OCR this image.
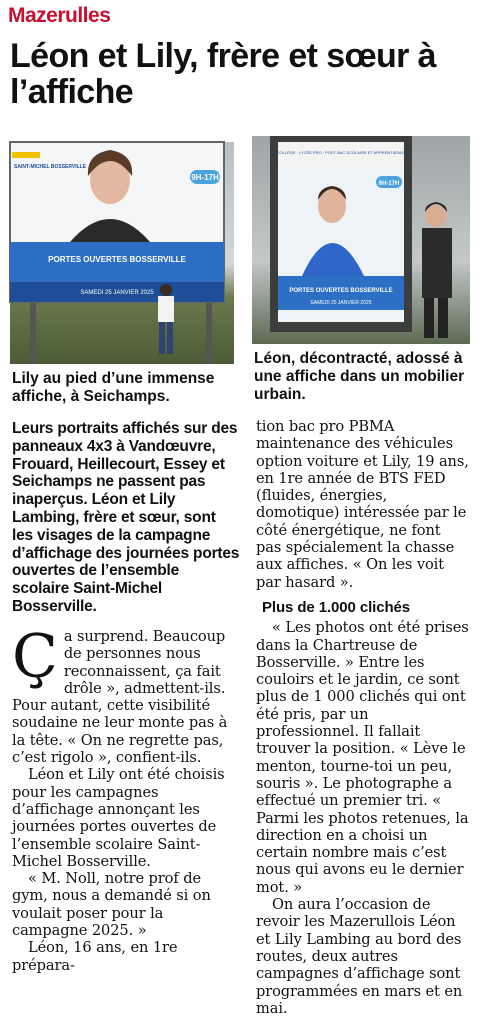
Mazerulles
Léon et Lily, frère et sœur à l’affiche
9H-17H
SAINT-MICHEL BOSSERVILLE
PORTES OUVERTES BOSSERVILLE
SAMEDI 25 JANVIER 2025
COLLÈGE · LYCÉE PRO · POST BAC SCOLAIRE ET APPRENTISSAGE
9H-17H
PORTES OUVERTES BOSSERVILLE
SAMEDI 25 JANVIER 2025
Lily au pied d’une immense affiche, à Seichamps.
Léon, décontracté, adossé à une affiche dans un mobilier urbain.
Leurs portraits affichés sur des panneaux 4x3 à Vandœuvre, Frouard, Heillecourt, Essey et Seichamps ne passent pas inaperçus. Léon et Lily Lambing, frère et sœur, sont les visages de la campagne d’affichage des journées portes ouvertes de l’ensemble scolaire Saint-Michel Bosserville.

Ça surprend. Beaucoup de personnes nous reconnaissent, ça fait drôle », admettent-ils. Pour autant, cette visibilité soudaine ne leur monte pas à la tête. « On ne regrette pas, c’est rigolo », confient-ils.

Léon et Lily ont été choisis pour les campagnes d’affichage annonçant les journées portes ouvertes de l’ensemble scolaire Saint-Michel Bosserville.

« M. Noll, notre prof de gym, nous a demandé si on voulait poser pour la campagne 2025. »

Léon, 16 ans, en 1re prépara-

tion bac pro PBMA maintenance des véhicules option voiture et Lily, 19 ans, en 1re année de BTS FED (fluides, énergies, domotique) intéressée par le côté énergétique, ne font pas spécialement la chasse aux affiches. « On les voit par hasard ».

Plus de 1.000 clichés

« Les photos ont été prises dans la Chartreuse de Bosserville. » Entre les couloirs et le jardin, ce sont plus de 1 000 clichés qui ont été pris, par un professionnel. Il fallait trouver la position. « Lève le menton, tourne-toi un peu, souris ». Le photographe a effectué un premier tri. « Parmi les photos retenues, la direction en a choisi un certain nombre mais c’est nous qui avons eu le dernier mot. »

On aura l’occasion de revoir les Mazerullois Léon et Lily Lambing au bord des routes, deux autres campagnes d’affichage sont programmées en mars et en mai.
